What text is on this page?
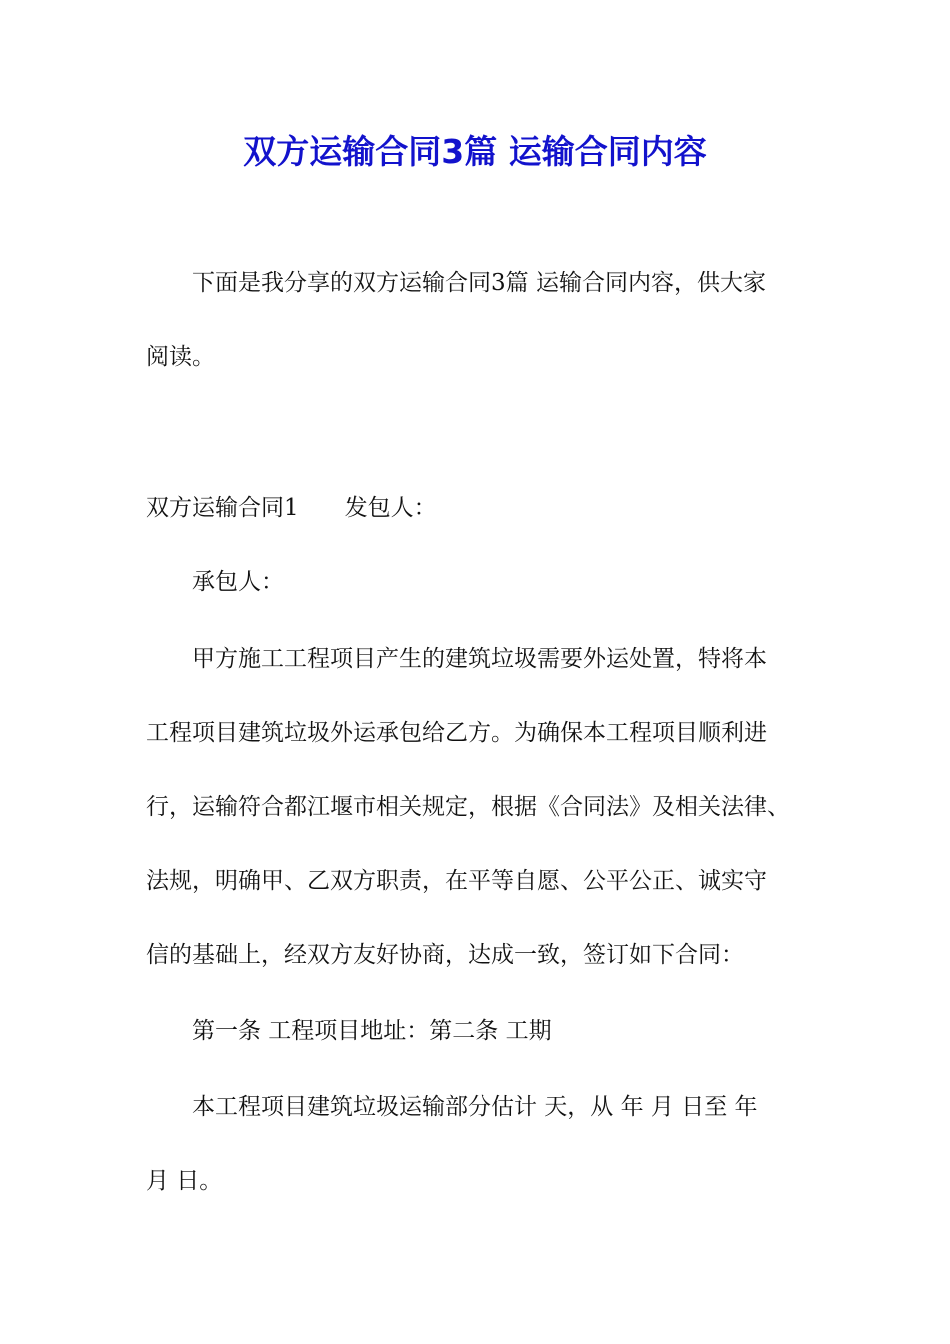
双方运输合同3篇 运输合同内容
下面是我分享的双方运输合同3篇 运输合同内容，供大家
阅读。
双方运输合同1　　发包人：
承包人：
甲方施工工程项目产生的建筑垃圾需要外运处置，特将本
工程项目建筑垃圾外运承包给乙方。为确保本工程项目顺利进
行，运输符合都江堰市相关规定，根据《合同法》及相关法律、
法规，明确甲、乙双方职责，在平等自愿、公平公正、诚实守
信的基础上，经双方友好协商，达成一致，签订如下合同：
第一条 工程项目地址：第二条 工期
本工程项目建筑垃圾运输部分估计 天，从 年 月 日至 年
月 日。
